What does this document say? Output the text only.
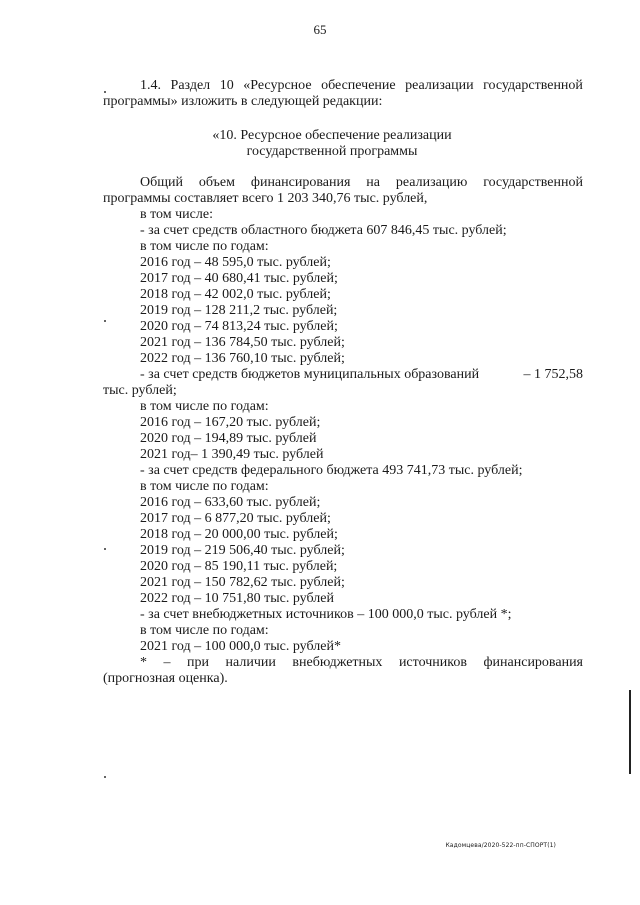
65
1.4. Раздел 10 «Ресурсное обеспечение реализации государственной
программы» изложить в следующей редакции:
«10. Ресурсное обеспечение реализации
государственной программы
Общий объем финансирования на реализацию государственной
программы составляет всего 1 203 340,76 тыс. рублей,
в том числе:
- за счет средств областного бюджета 607 846,45 тыс. рублей;
в том числе по годам:
2016 год – 48 595,0 тыс. рублей;
2017 год – 40 680,41 тыс. рублей;
2018 год – 42 002,0 тыс. рублей;
2019 год – 128 211,2 тыс. рублей;
2020 год – 74 813,24 тыс. рублей;
2021 год – 136 784,50 тыс. рублей;
2022 год – 136 760,10 тыс. рублей;
- за счет средств бюджетов муниципальных образований	– 1 752,58
тыс. рублей;
в том числе по годам:
2016 год – 167,20 тыс. рублей;
2020 год – 194,89 тыс. рублей
2021 год– 1 390,49 тыс. рублей
- за счет средств федерального бюджета 493 741,73 тыс. рублей;
в том числе по годам:
2016 год – 633,60 тыс. рублей;
2017 год – 6 877,20 тыс. рублей;
2018 год – 20 000,00 тыс. рублей;
2019 год – 219 506,40 тыс. рублей;
2020 год – 85 190,11 тыс. рублей;
2021 год – 150 782,62 тыс. рублей;
2022 год – 10 751,80 тыс. рублей
- за счет внебюджетных источников – 100 000,0 тыс. рублей *;
в том числе по годам:
2021 год – 100 000,0 тыс. рублей*
* – при наличии внебюджетных источников финансирования
(прогнозная оценка).
Кадомцева/2020-522-пп-СПОРТ(1)
